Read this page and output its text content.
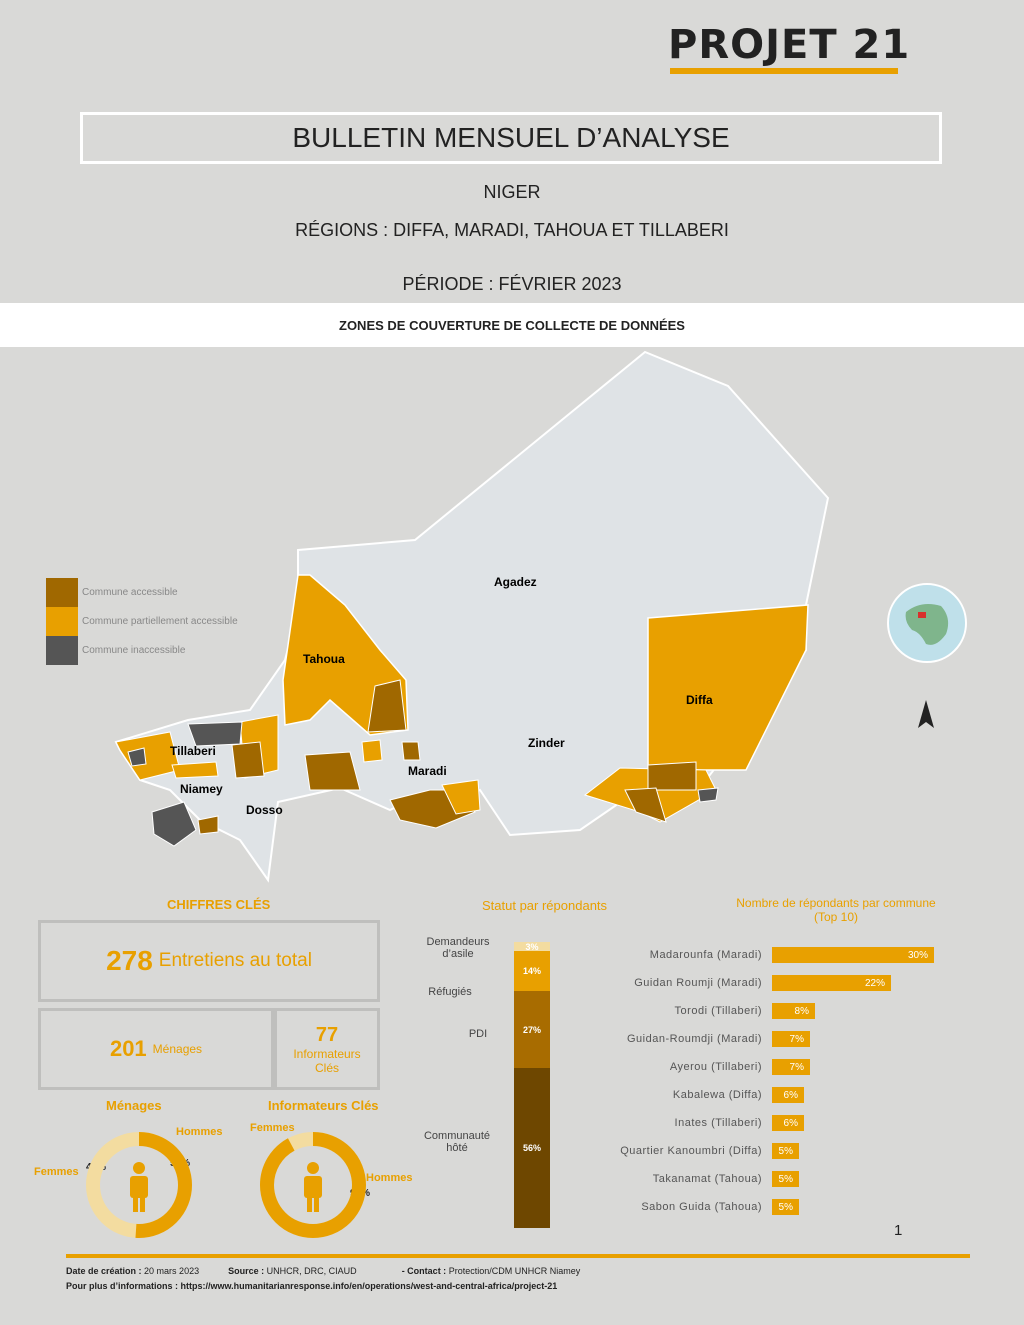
PROJET 21
BULLETIN MENSUEL D’ANALYSE
NIGER
RÉGIONS : DIFFA, MARADI, TAHOUA ET TILLABERI
PÉRIODE : FÉVRIER 2023
ZONES DE COUVERTURE DE COLLECTE DE DONNÉES
Commune accessible
Commune partiellement accessible
Commune inaccessible
Agadez
Tahoua
Tillaberi
Niamey
Dosso
Maradi
Zinder
Diffa
CHIFFRES CLÉS
278 Entretiens au total
201 Ménages
77
Informateurs
Clés
Ménages	Informateurs Clés
Hommes
Femmes
51%
49%
Femmes
Hommes
8%
92%
Statut par répondants
3%
14%
27%
56%
Demandeurs d’asile
Réfugiés
PDI
Communauté hôté
Nombre de répondants par commune
(Top 10)
Madarounfa (Maradi)	30%
Guidan Roumji (Maradi)	22%
Torodi (Tillaberi)	8%
Guidan-Roumdji (Maradi)	7%
Ayerou (Tillaberi)	7%
Kabalewa (Diffa)	6%
Inates (Tillaberi)	6%
Quartier Kanoumbri (Diffa)	5%
Takanamat (Tahoua)	5%
Sabon Guida (Tahoua)	5%
1
Date de création : 20 mars 2023	Source : UNHCR, DRC, CIAUD	- Contact : Protection/CDM UNHCR Niamey
Pour plus d’informations : https://www.humanitarianresponse.info/en/operations/west-and-central-africa/project-21
